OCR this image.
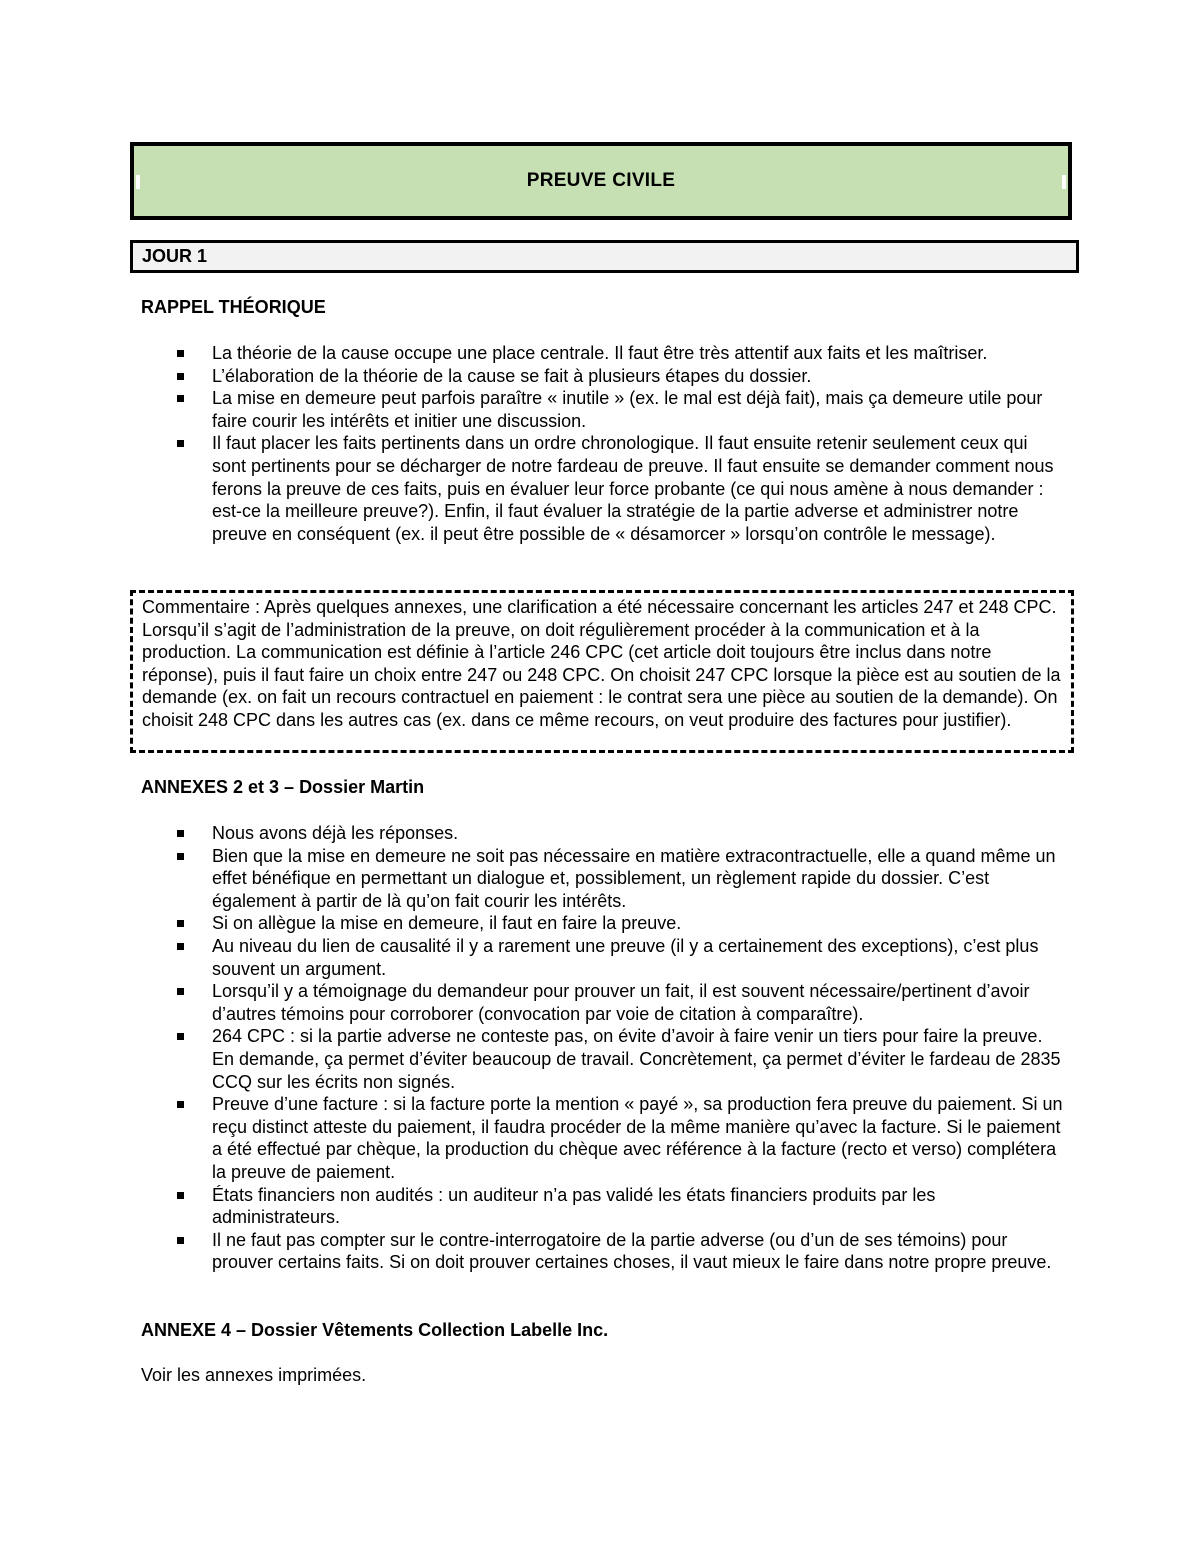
PREUVE CIVILE
JOUR 1
RAPPEL THÉORIQUE
La théorie de la cause occupe une place centrale. Il faut être très attentif aux faits et les maîtriser.
L’élaboration de la théorie de la cause se fait à plusieurs étapes du dossier.
La mise en demeure peut parfois paraître « inutile » (ex. le mal est déjà fait), mais ça demeure utile pour faire courir les intérêts et initier une discussion.
Il faut placer les faits pertinents dans un ordre chronologique. Il faut ensuite retenir seulement ceux qui sont pertinents pour se décharger de notre fardeau de preuve. Il faut ensuite se demander comment nous ferons la preuve de ces faits, puis en évaluer leur force probante (ce qui nous amène à nous demander : est-ce la meilleure preuve?). Enfin, il faut évaluer la stratégie de la partie adverse et administrer notre preuve en conséquent (ex. il peut être possible de « désamorcer » lorsqu’on contrôle le message).
Commentaire : Après quelques annexes, une clarification a été nécessaire concernant les articles 247 et 248 CPC. Lorsqu’il s’agit de l’administration de la preuve, on doit régulièrement procéder à la communication et à la production. La communication est définie à l’article 246 CPC (cet article doit toujours être inclus dans notre réponse), puis il faut faire un choix entre 247 ou 248 CPC. On choisit 247 CPC lorsque la pièce est au soutien de la demande (ex. on fait un recours contractuel en paiement : le contrat sera une pièce au soutien de la demande). On choisit 248 CPC dans les autres cas (ex. dans ce même recours, on veut produire des factures pour justifier).
ANNEXES 2 et 3 – Dossier Martin
Nous avons déjà les réponses.
Bien que la mise en demeure ne soit pas nécessaire en matière extracontractuelle, elle a quand même un effet bénéfique en permettant un dialogue et, possiblement, un règlement rapide du dossier. C’est également à partir de là qu’on fait courir les intérêts.
Si on allègue la mise en demeure, il faut en faire la preuve.
Au niveau du lien de causalité il y a rarement une preuve (il y a certainement des exceptions), c’est plus souvent un argument.
Lorsqu’il y a témoignage du demandeur pour prouver un fait, il est souvent nécessaire/pertinent d’avoir d’autres témoins pour corroborer (convocation par voie de citation à comparaître).
264 CPC : si la partie adverse ne conteste pas, on évite d’avoir à faire venir un tiers pour faire la preuve. En demande, ça permet d’éviter beaucoup de travail. Concrètement, ça permet d’éviter le fardeau de 2835 CCQ sur les écrits non signés.
Preuve d’une facture : si la facture porte la mention « payé », sa production fera preuve du paiement. Si un reçu distinct atteste du paiement, il faudra procéder de la même manière qu’avec la facture. Si le paiement a été effectué par chèque, la production du chèque avec référence à la facture (recto et verso) complétera la preuve de paiement.
États financiers non audités : un auditeur n’a pas validé les états financiers produits par les administrateurs.
Il ne faut pas compter sur le contre-interrogatoire de la partie adverse (ou d’un de ses témoins) pour prouver certains faits. Si on doit prouver certaines choses, il vaut mieux le faire dans notre propre preuve.
ANNEXE 4 – Dossier Vêtements Collection Labelle Inc.
Voir les annexes imprimées.
